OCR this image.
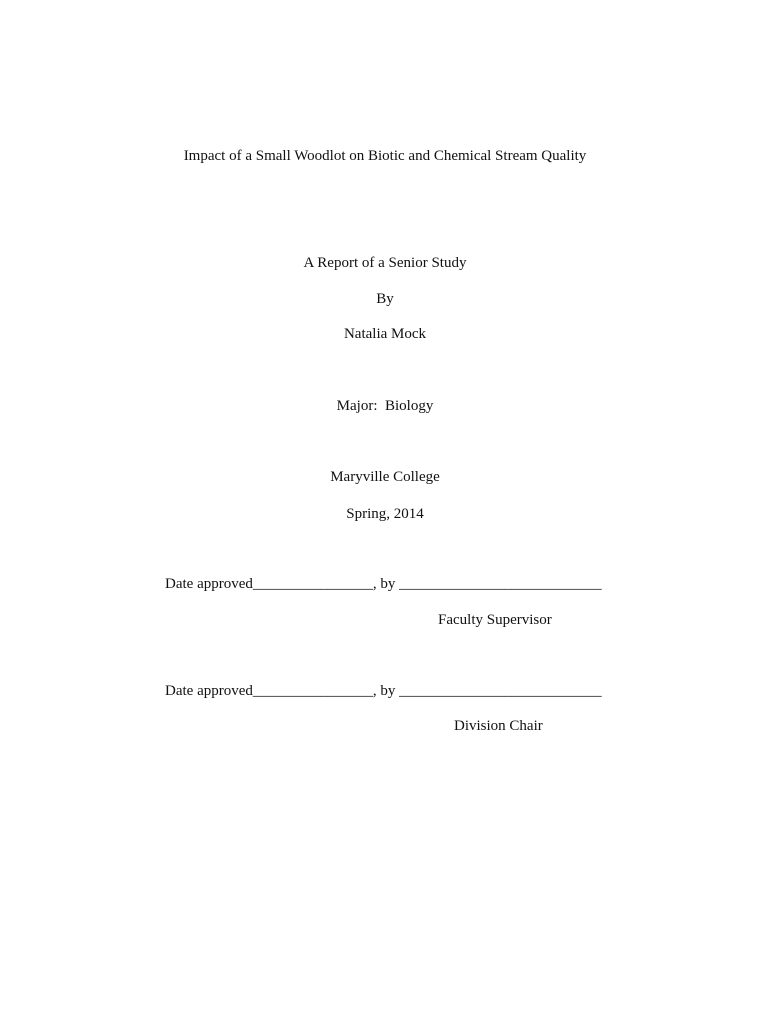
Impact of a Small Woodlot on Biotic and Chemical Stream Quality
A Report of a Senior Study
By
Natalia Mock
Major:  Biology
Maryville College
Spring, 2014
Date approved________________, by ___________________________
Faculty Supervisor
Date approved________________, by ___________________________
Division Chair
